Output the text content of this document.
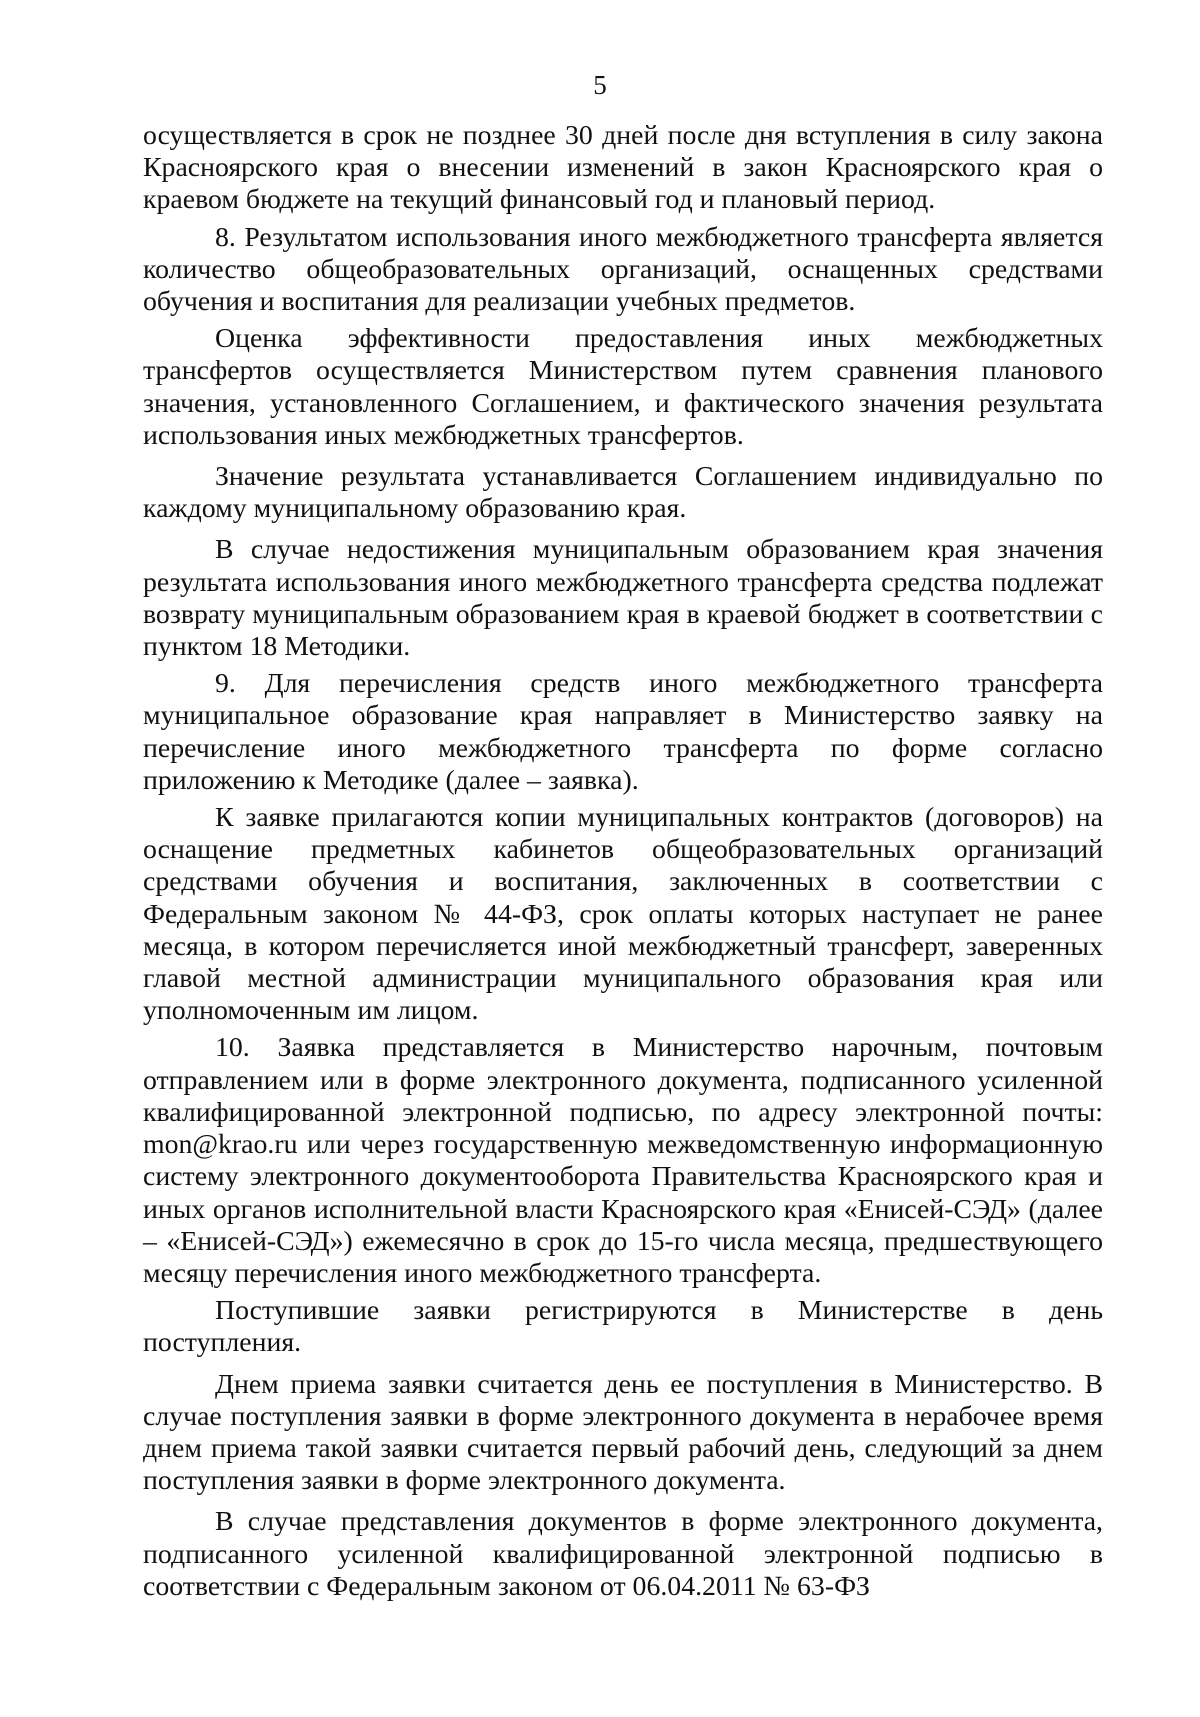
5

осуществляется в срок не позднее 30 дней после дня вступления в силу закона Красноярского края о внесении изменений в закон Красноярского края о краевом бюджете на текущий финансовый год и плановый период.

8. Результатом использования иного межбюджетного трансферта является количество общеобразовательных организаций, оснащенных средствами обучения и воспитания для реализации учебных предметов.

Оценка эффективности предоставления иных межбюджетных трансфертов осуществляется Министерством путем сравнения планового значения, установленного Соглашением, и фактического значения результата использования иных межбюджетных трансфертов.

Значение результата устанавливается Соглашением индивидуально по каждому муниципальному образованию края.

В случае недостижения муниципальным образованием края значения результата использования иного межбюджетного трансферта средства подлежат возврату муниципальным образованием края в краевой бюджет в соответствии с пунктом 18 Методики.

9. Для перечисления средств иного межбюджетного трансферта муниципальное образование края направляет в Министерство заявку на перечисление иного межбюджетного трансферта по форме согласно приложению к Методике (далее – заявка).

К заявке прилагаются копии муниципальных контрактов (договоров) на оснащение предметных кабинетов общеобразовательных организаций средствами обучения и воспитания, заключенных в соответствии с Федеральным законом № 44-ФЗ, срок оплаты которых наступает не ранее месяца, в котором перечисляется иной межбюджетный трансферт, заверенных главой местной администрации муниципального образования края или уполномоченным им лицом.

10. Заявка представляется в Министерство нарочным, почтовым отправлением или в форме электронного документа, подписанного усиленной квалифицированной электронной подписью, по адресу электронной почты: mon@krao.ru или через государственную межведомственную информационную систему электронного документооборота Правительства Красноярского края и иных органов исполнительной власти Красноярского края «Енисей-СЭД» (далее – «Енисей-СЭД») ежемесячно в срок до 15-го числа месяца, предшествующего месяцу перечисления иного межбюджетного трансферта.

Поступившие заявки регистрируются в Министерстве в день поступления.

Днем приема заявки считается день ее поступления в Министерство. В случае поступления заявки в форме электронного документа в нерабочее время днем приема такой заявки считается первый рабочий день, следующий за днем поступления заявки в форме электронного документа.

В случае представления документов в форме электронного документа, подписанного усиленной квалифицированной электронной подписью в соответствии с Федеральным законом от 06.04.2011 № 63-ФЗ
